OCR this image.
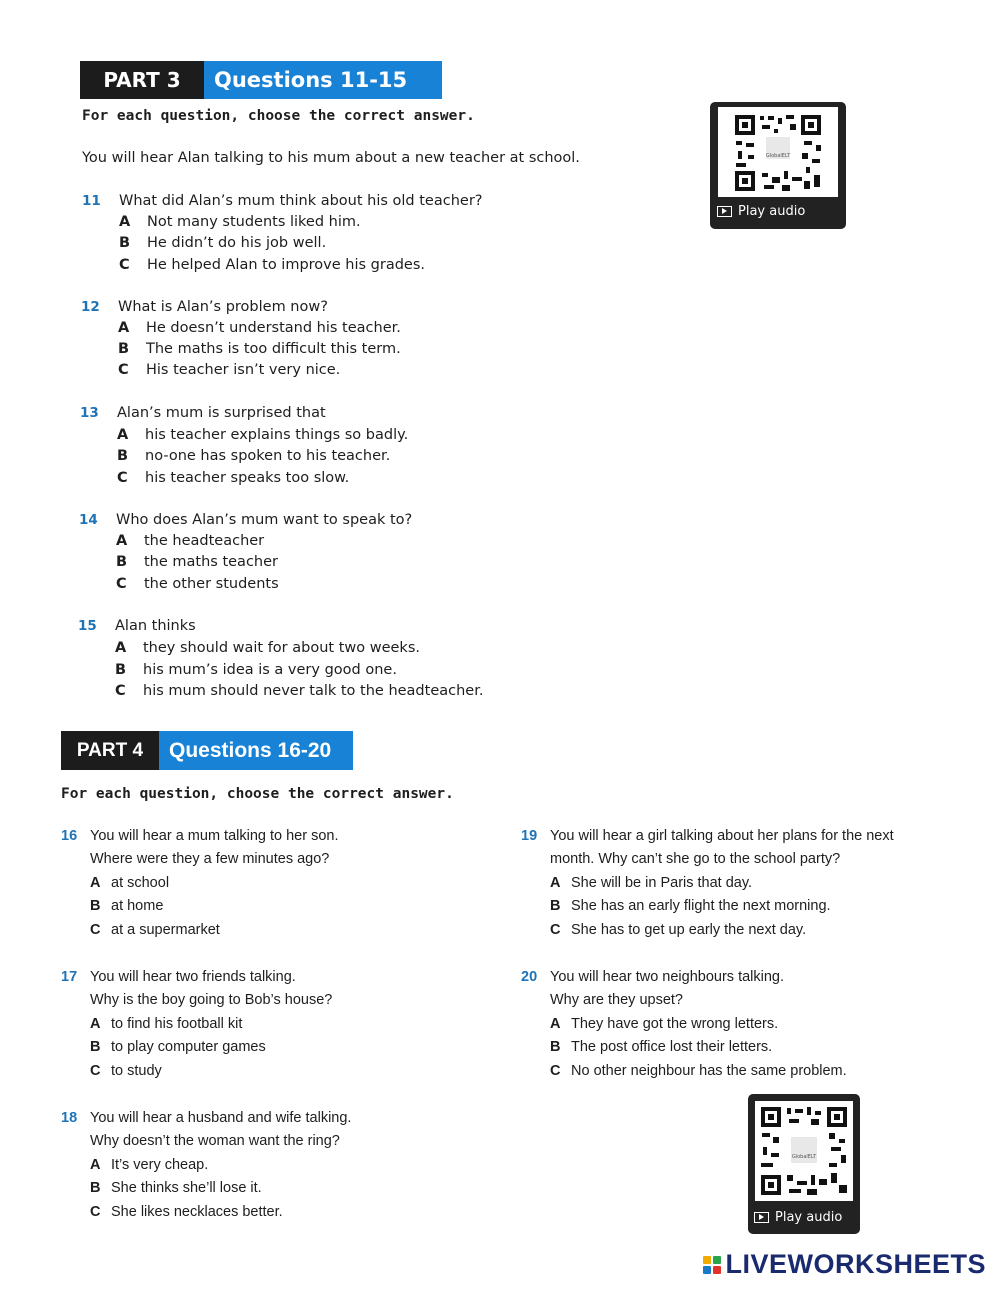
PART 3	Questions 11-15
For each question, choose the correct answer.
You will hear Alan talking to his mum about a new teacher at school.
11 What did Alan’s mum think about his old teacher?
A Not many students liked him.
B He didn’t do his job well.
C He helped Alan to improve his grades.
12 What is Alan’s problem now?
A He doesn’t understand his teacher.
B The maths is too difficult this term.
C His teacher isn’t very nice.
13 Alan’s mum is surprised that
A his teacher explains things so badly.
B no-one has spoken to his teacher.
C his teacher speaks too slow.
14 Who does Alan’s mum want to speak to?
A the headteacher
B the maths teacher
C the other students
15 Alan thinks
A they should wait for about two weeks.
B his mum’s idea is a very good one.
C his mum should never talk to the headteacher.
GlobalELT
Play audio
PART 4	Questions 16-20
For each question, choose the correct answer.
16 You will hear a mum talking to her son.
Where were they a few minutes ago?
A at school
B at home
C at a supermarket
17 You will hear two friends talking.
Why is the boy going to Bob’s house?
A to find his football kit
B to play computer games
C to study
18 You will hear a husband and wife talking.
Why doesn’t the woman want the ring?
A It’s very cheap.
B She thinks she’ll lose it.
C She likes necklaces better.
19 You will hear a girl talking about her plans for the next
month. Why can’t she go to the school party?
A She will be in Paris that day.
B She has an early flight the next morning.
C She has to get up early the next day.
20 You will hear two neighbours talking.
Why are they upset?
A They have got the wrong letters.
B The post office lost their letters.
C No other neighbour has the same problem.
GlobalELT
Play audio
LIVEWORKSHEETS
